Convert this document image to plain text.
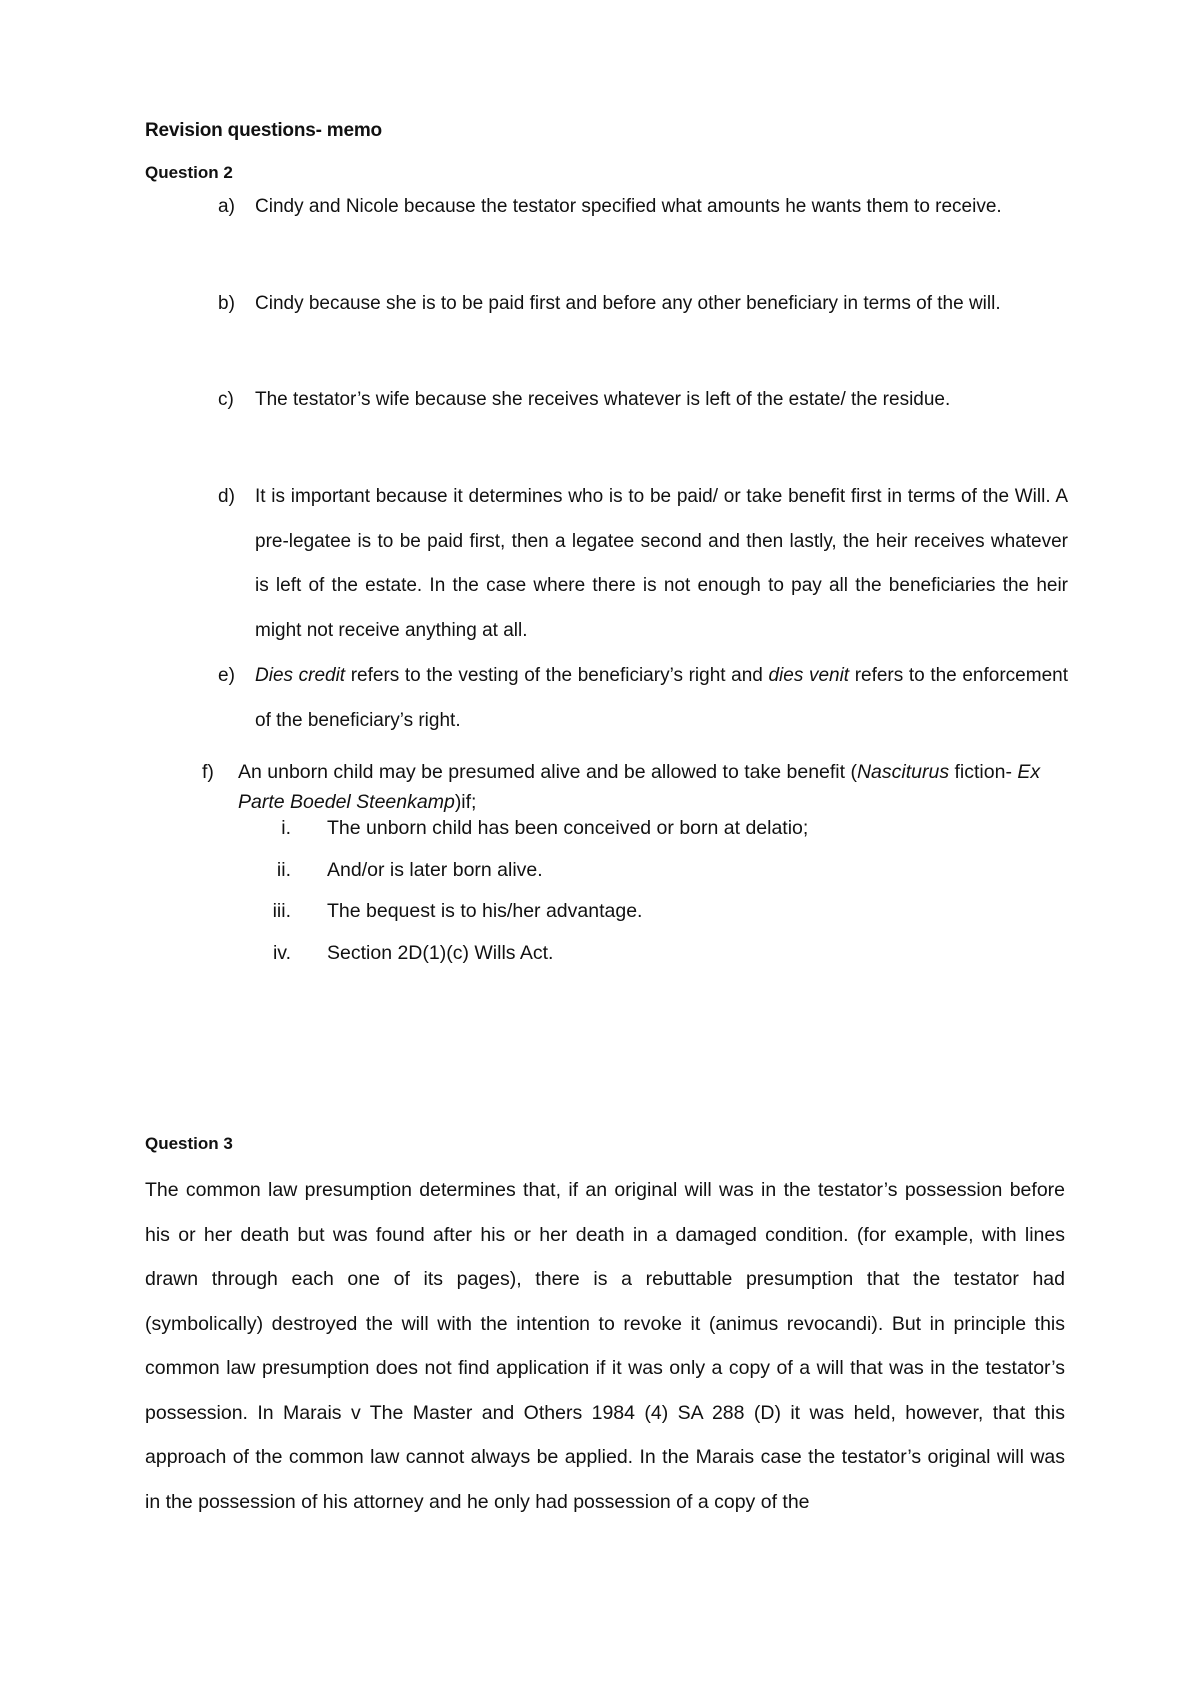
Revision questions- memo
Question 2
a)	Cindy and Nicole because the testator specified what amounts he wants them to receive.
b)	Cindy because she is to be paid first and before any other beneficiary in terms of the will.
c)	The testator’s wife because she receives whatever is left of the estate/ the residue.
d)	It is important because it determines who is to be paid/ or take benefit first in terms of the Will. A pre-legatee is to be paid first, then a legatee second and then lastly, the heir receives whatever is left of the estate. In the case where there is not enough to pay all the beneficiaries the heir might not receive anything at all.
e)	Dies credit refers to the vesting of the beneficiary’s right and dies venit refers to the enforcement of the beneficiary’s right.
f) An unborn child may be presumed alive and be allowed to take benefit (Nasciturus fiction- Ex Parte Boedel Steenkamp)if;
i. The unborn child has been conceived or born at delatio;
ii. And/or is later born alive.
iii. The bequest is to his/her advantage.
iv. Section 2D(1)(c) Wills Act.
Question 3
The common law presumption determines that, if an original will was in the testator’s possession before his or her death but was found after his or her death in a damaged condition. (for example, with lines drawn through each one of its pages), there is a rebuttable presumption that the testator had (symbolically) destroyed the will with the intention to revoke it (animus revocandi). But in principle this common law presumption does not find application if it was only a copy of a will that was in the testator’s possession. In Marais v The Master and Others 1984 (4) SA 288 (D) it was held, however, that this approach of the common law cannot always be applied. In the Marais case the testator’s original will was in the possession of his attorney and he only had possession of a copy of the
